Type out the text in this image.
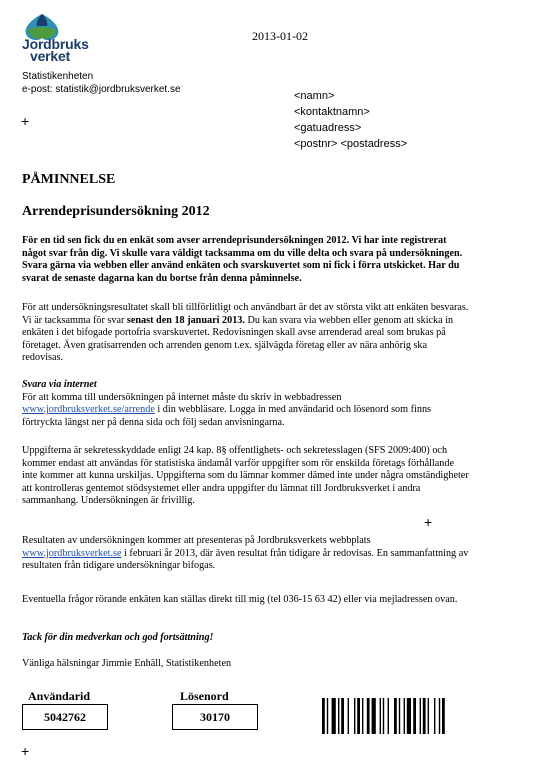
Jordbruks
verket
2013-01-02
Statistikenheten
e-post: statistik@jordbruksverket.se
+
<namn>
<kontaktnamn>
<gatuadress>
<postnr> <postadress>
PÅMINNELSE
Arrendeprisundersökning 2012

För en tid sen fick du en enkät som avser arrendeprisundersökningen 2012. Vi har inte registrerat något svar från dig. Vi skulle vara väldigt tacksamma om du ville delta och svara på undersökningen. Svara gärna via webben eller använd enkäten och svarskuvertet som ni fick i förra utskicket. Har du svarat de senaste dagarna kan du bortse från denna påminnelse.

För att undersökningsresultatet skall bli tillförlitligt och användbart är det av största vikt att enkäten besvaras. Vi är tacksamma för svar senast den 18 januari 2013. Du kan svara via webben eller genom att skicka in enkäten i det bifogade portofria svarskuvertet. Redovisningen skall avse arrenderad areal som brukas på företaget. Även gratisarrenden och arrenden genom t.ex. självägda företag eller av nära anhörig ska redovisas.

Svara via internet

För att komma till undersökningen på internet måste du skriv in webbadressen

www.jordbruksverket.se/arrende i din webbläsare. Logga in med användarid och lösenord som finns förtryckta längst ner på denna sida och följ sedan anvisningarna.

Uppgifterna är sekretesskyddade enligt 24 kap. 8§ offentlighets- och sekretesslagen (SFS 2009:400) och kommer endast att användas för statistiska ändamål varför uppgifter som rör enskilda företags förhållande inte kommer att kunna urskiljas. Uppgifterna som du lämnar kommer dämed inte under några omständigheter att kontrolleras gentemot stödsystemet eller andra uppgifter du lämnat till Jordbruksverket i andra sammanhang. Undersökningen är frivillig.

+

Resultaten av undersökningen kommer att presenteras på Jordbruksverkets webbplats

www.jordbruksverket.se i februari år 2013, där även resultat från tidigare år redovisas. En sammanfattning av resultaten från tidigare undersökningar bifogas.

Eventuella frågor rörande enkäten kan ställas direkt till mig (tel 036-15 63 42) eller via mejladressen ovan.

Tack för din medverkan och god fortsättning!
Vänliga hälsningar Jimmie Enhäll, Statistikenheten
Användarid
5042762
Lösenord
30170
+
